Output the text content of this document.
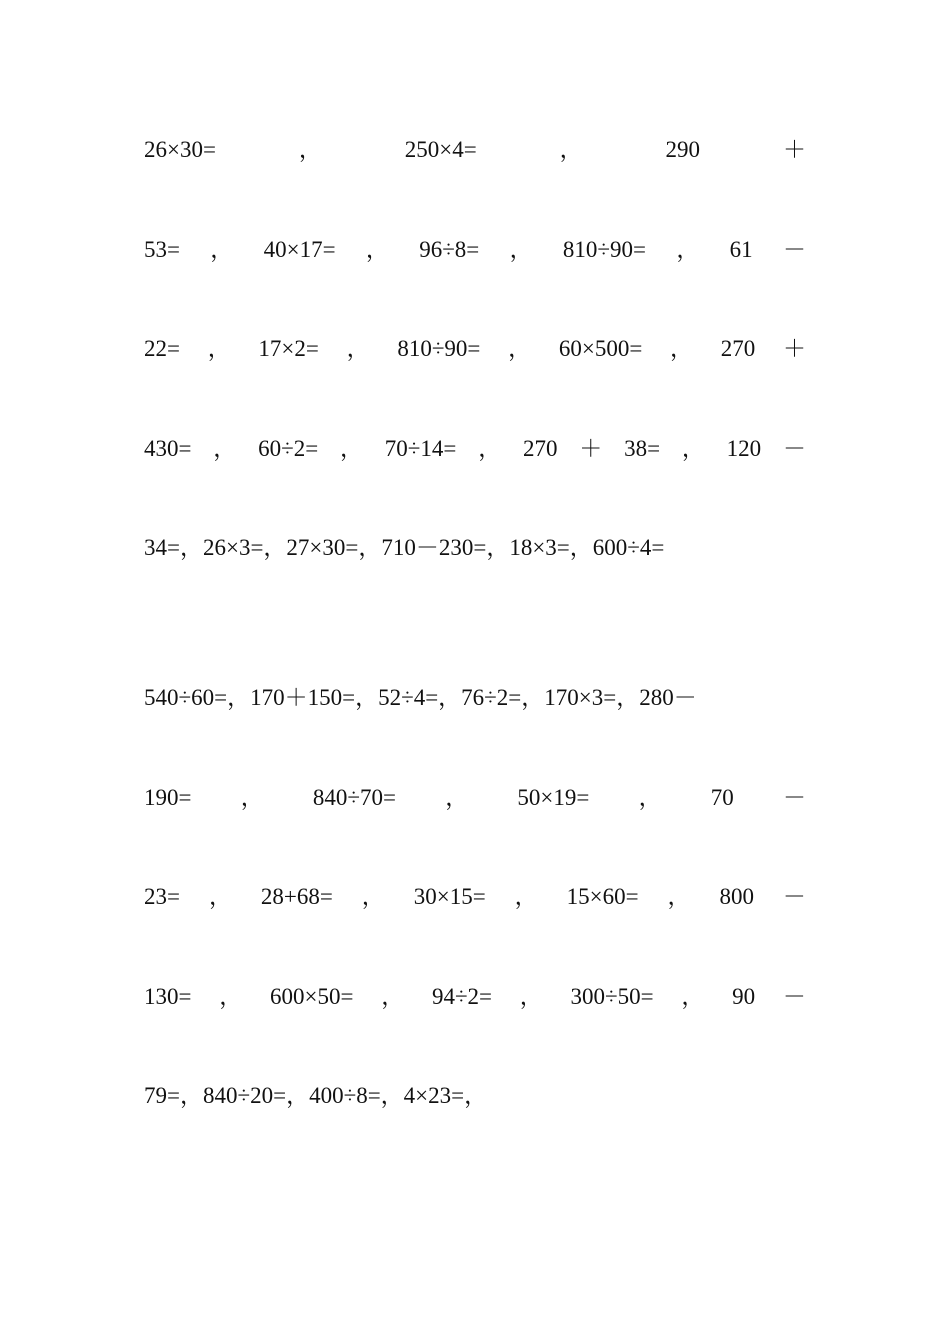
26×30=	，	250×4=	，	290	＋
53= ， 40×17= ， 96÷8= ， 810÷90= ， 61 －
22= ， 17×2= ， 810÷90= ， 60×500= ， 270 ＋
430= ， 60÷2= ， 70÷14= ， 270 ＋ 38= ， 120 －
34=，26×3=，27×30=，710－230=，18×3=，600÷4=
540÷60=，170＋150=，52÷4=，76÷2=，170×3=，280－
190= ， 840÷70= ， 50×19= ， 70 －
23= ， 28+68= ， 30×15= ， 15×60= ， 800 －
130= ， 600×50= ， 94÷2= ， 300÷50= ， 90 －
79=，840÷20=，400÷8=，4×23=，
